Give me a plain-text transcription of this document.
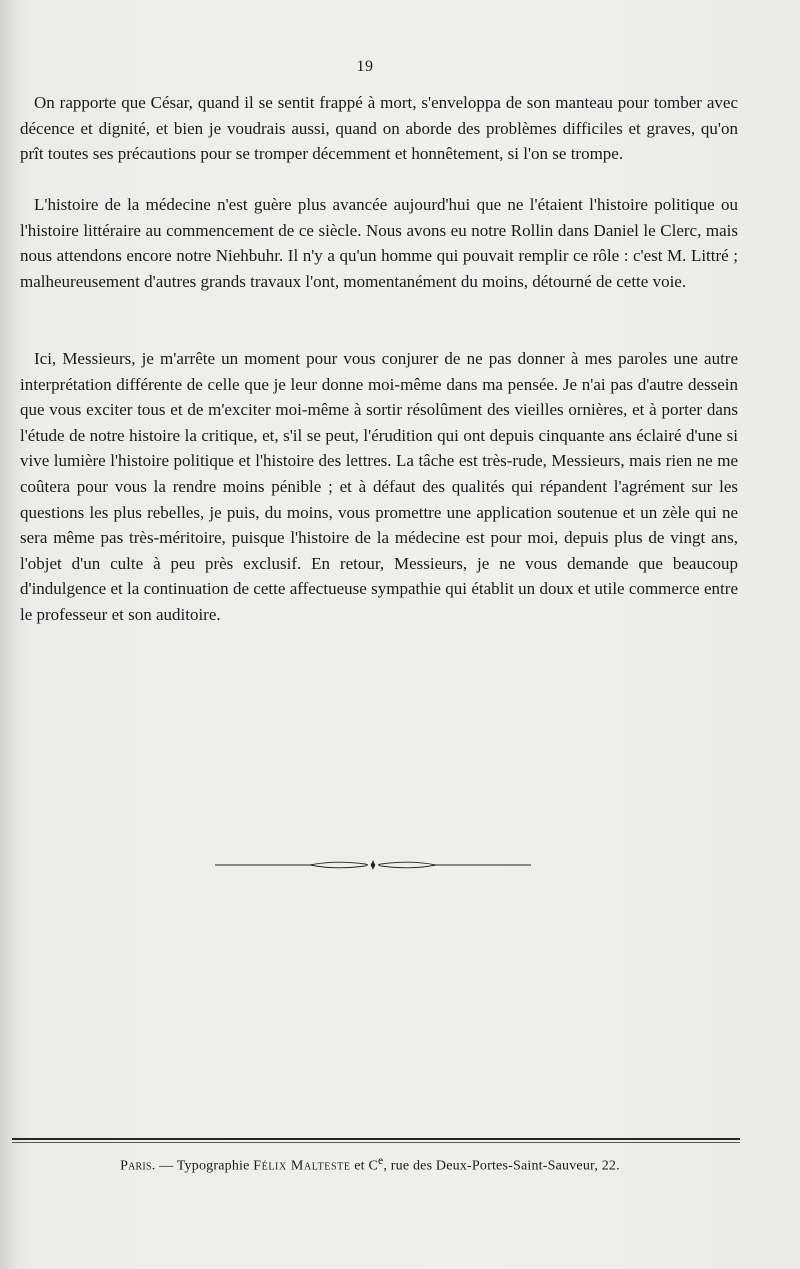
19

On rapporte que César, quand il se sentit frappé à mort, s'enveloppa de son manteau pour tomber avec décence et dignité, et bien je voudrais aussi, quand on aborde des problèmes difficiles et graves, qu'on prît toutes ses précautions pour se tromper décemment et honnêtement, si l'on se trompe.

L'histoire de la médecine n'est guère plus avancée aujourd'hui que ne l'étaient l'histoire politique ou l'histoire littéraire au commencement de ce siècle. Nous avons eu notre Rollin dans Daniel le Clerc, mais nous attendons encore notre Niehbuhr. Il n'y a qu'un homme qui pouvait remplir ce rôle : c'est M. Littré ; malheureusement d'autres grands travaux l'ont, momentanément du moins, détourné de cette voie.

Ici, Messieurs, je m'arrête un moment pour vous conjurer de ne pas donner à mes paroles une autre interprétation différente de celle que je leur donne moi-même dans ma pensée. Je n'ai pas d'autre dessein que vous exciter tous et de m'exciter moi-même à sortir résolûment des vieilles ornières, et à porter dans l'étude de notre histoire la critique, et, s'il se peut, l'érudition qui ont depuis cinquante ans éclairé d'une si vive lumière l'histoire politique et l'histoire des lettres. La tâche est très-rude, Messieurs, mais rien ne me coûtera pour vous la rendre moins pénible ; et à défaut des qualités qui répandent l'agrément sur les questions les plus rebelles, je puis, du moins, vous promettre une application soutenue et un zèle qui ne sera même pas très-méritoire, puisque l'histoire de la médecine est pour moi, depuis plus de vingt ans, l'objet d'un culte à peu près exclusif. En retour, Messieurs, je ne vous demande que beaucoup d'indulgence et la continuation de cette affectueuse sympathie qui établit un doux et utile commerce entre le professeur et son auditoire.

Paris. — Typographie Félix Malteste et Ce, rue des Deux-Portes-Saint-Sauveur, 22.
